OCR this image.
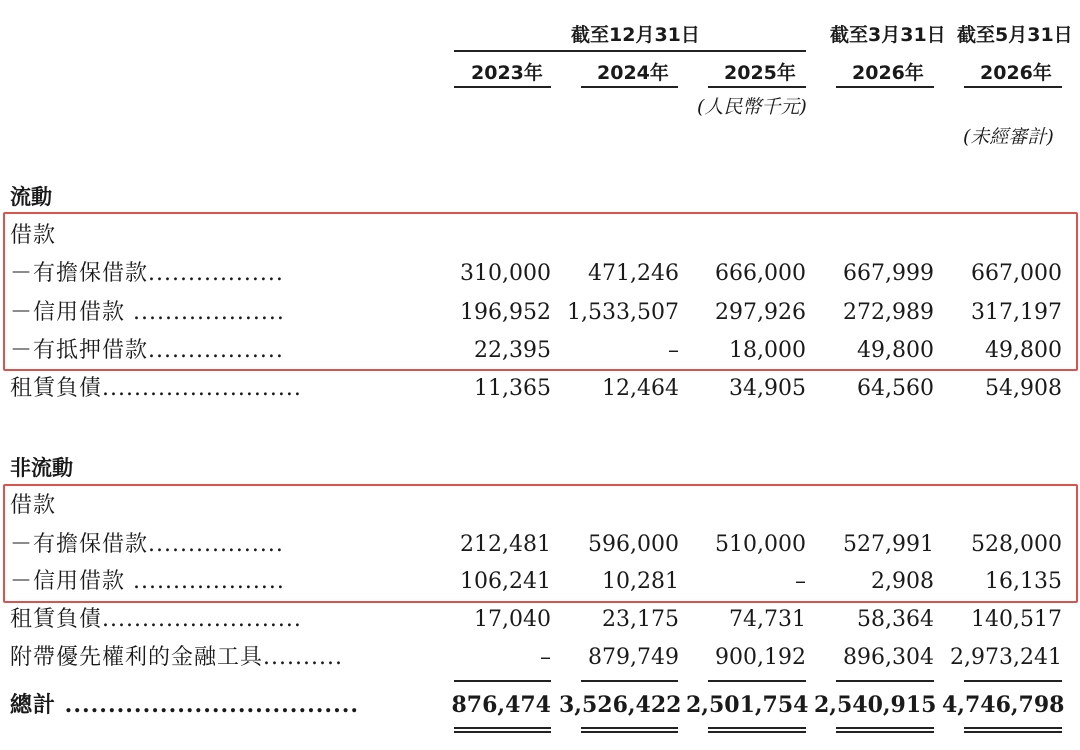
截至12月31日	截至3月31日 截至5月31日
2023年	2024年	2025年	2026年	2026年
(人民幣千元)
(未經審計)
流動
借款
－有擔保借款.................	310,000	471,246	666,000	667,999	667,000
－信用借款 ...................	196,952 1,533,507	297,926	272,989	317,197
－有抵押借款.................	22,395	–	18,000	49,800	49,800
租賃負債.........................	11,365	12,464	34,905	64,560	54,908
非流動
借款
－有擔保借款.................	212,481	596,000	510,000	527,991	528,000
－信用借款 ...................	106,241	10,281	–	2,908	16,135
租賃負債.........................	17,040	23,175	74,731	58,364	140,517
附帶優先權利的金融工具..........	–	879,749	900,192	896,304 2,973,241
總計 ..................................	876,474 3,526,422 2,501,754 2,540,915 4,746,798
